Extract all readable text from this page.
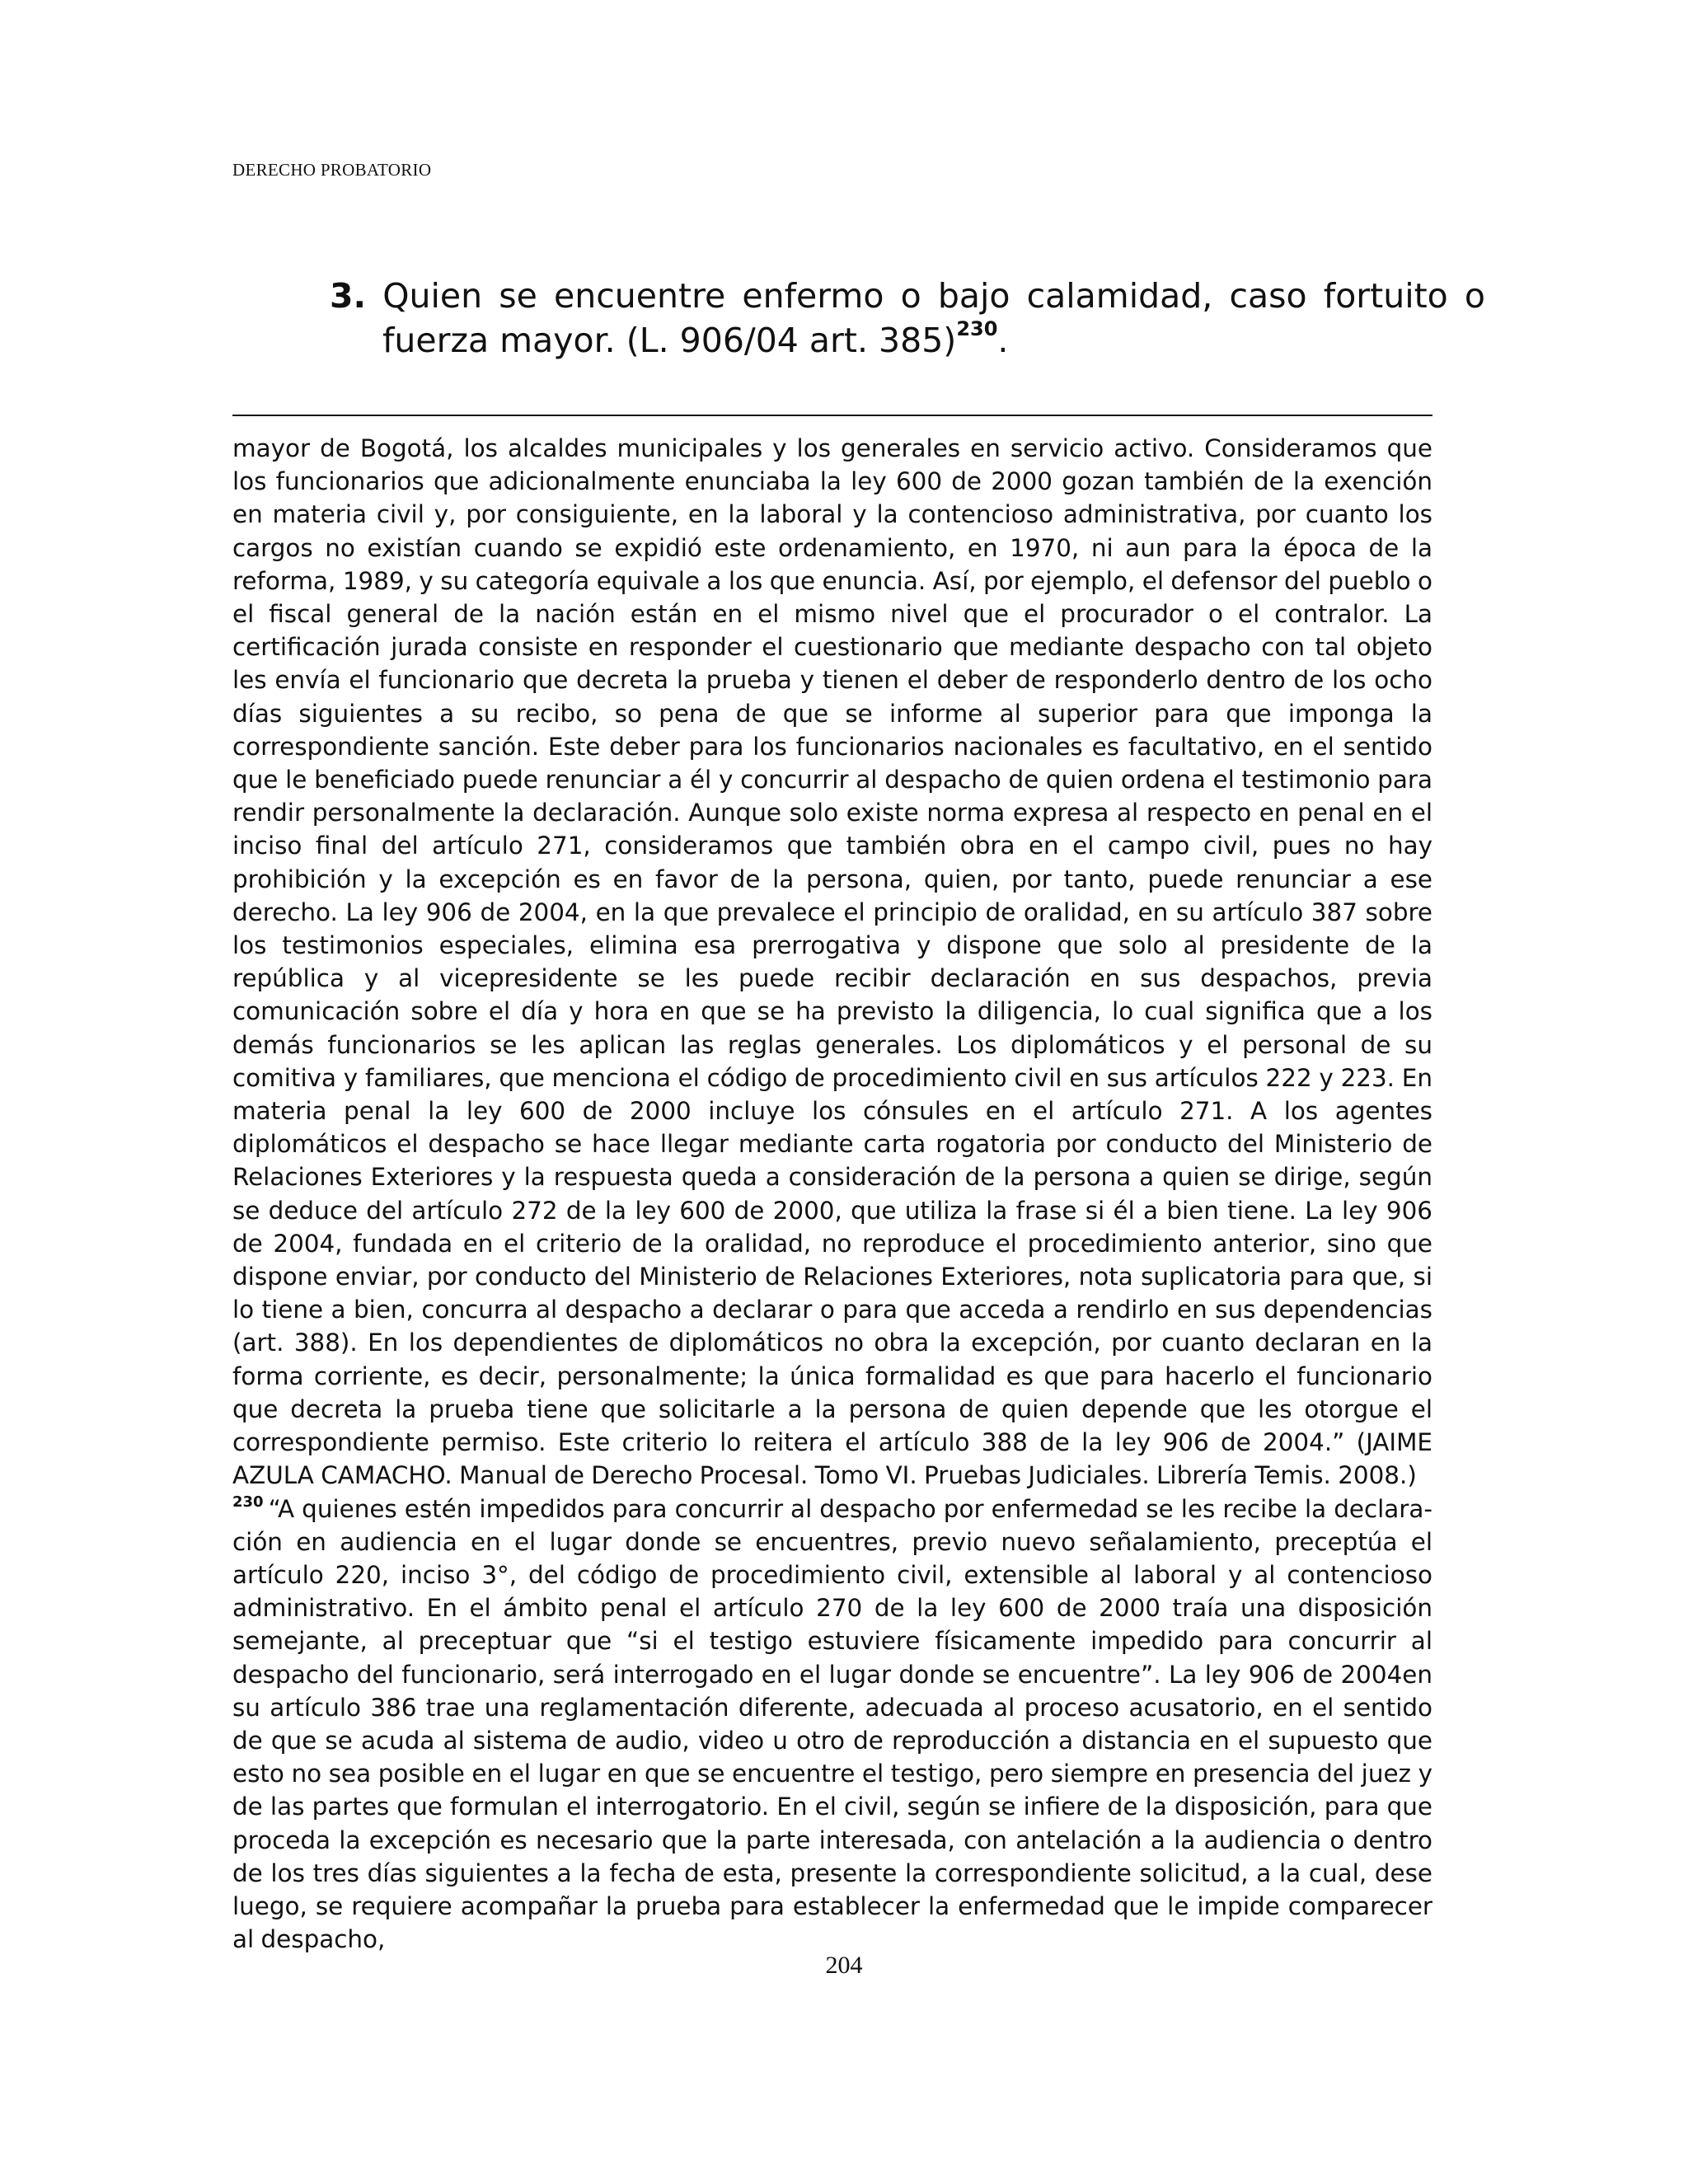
DERECHO PROBATORIO
3. Quien se encuentre enfermo o bajo calamidad, caso fortuito o fuerza mayor. (L. 906/04 art. 385)$^{230}$.

mayor de Bogotá, los alcaldes municipales y los generales en servicio activo. Consideramos que los funcionarios que adicionalmente enunciaba la ley 600 de 2000 gozan también de la exención en materia civil y, por consiguiente, en la laboral y la contencioso administrativa, por cuanto los cargos no existían cuando se expidió este ordenamiento, en 1970, ni aun para la época de la reforma, 1989, y su categoría equivale a los que enuncia. Así, por ejemplo, el defensor del pueblo o el fiscal general de la nación están en el mismo nivel que el procurador o el contralor. La certificación jurada consiste en responder el cuestionario que mediante despacho con tal objeto les envía el funcionario que decreta la prueba y tienen el deber de responderlo dentro de los ocho días siguientes a su recibo, so pena de que se informe al superior para que imponga la correspondiente sanción. Este deber para los funcionarios nacionales es facultativo, en el sentido que le beneficiado puede renunciar a él y concurrir al despacho de quien ordena el testimonio para rendir personalmente la declaración. Aunque solo existe norma expresa al respecto en penal en el inciso final del artículo 271, consideramos que también obra en el campo civil, pues no hay prohibición y la excepción es en favor de la persona, quien, por tanto, puede renunciar a ese derecho. La ley 906 de 2004, en la que prevalece el principio de oralidad, en su artículo 387 sobre los testimonios especiales, elimina esa prerrogativa y dispone que solo al presidente de la república y al vicepresidente se les puede recibir declaración en sus despachos, previa comunicación sobre el día y hora en que se ha previsto la diligencia, lo cual significa que a los demás funcionarios se les aplican las reglas generales. Los diplomáticos y el personal de su comitiva y familiares, que menciona el código de procedimiento civil en sus artículos 222 y 223. En materia penal la ley 600 de 2000 incluye los cónsules en el artículo 271. A los agentes diplomáticos el despacho se hace llegar mediante carta rogatoria por conducto del Ministerio de Relaciones Exteriores y la respuesta queda a consideración de la persona a quien se dirige, según se deduce del artículo 272 de la ley 600 de 2000, que utiliza la frase si él a bien tiene. La ley 906 de 2004, fundada en el criterio de la oralidad, no reproduce el procedimiento anterior, sino que dispone enviar, por conducto del Ministerio de Relaciones Exteriores, nota suplicatoria para que, si lo tiene a bien, concurra al despacho a declarar o para que acceda a rendirlo en sus dependencias (art. 388). En los dependientes de diplomáticos no obra la excepción, por cuanto declaran en la forma corriente, es decir, personalmente; la única formalidad es que para hacerlo el funcionario que decreta la prueba tiene que solicitarle a la persona de quien depende que les otorgue el correspondiente permiso. Este criterio lo reitera el artículo 388 de la ley 906 de 2004.” (JAIME AZULA CAMACHO. Manual de Derecho Procesal. Tomo VI. Pruebas Judiciales. Librería Temis. 2008.)

$^{230}$ “A quienes estén impedidos para concurrir al despacho por enfermedad se les recibe la declaración en audiencia en el lugar donde se encuentres, previo nuevo señalamiento, preceptúa el artículo 220, inciso 3°, del código de procedimiento civil, extensible al laboral y al contencioso administrativo. En el ámbito penal el artículo 270 de la ley 600 de 2000 traía una disposición semejante, al preceptuar que “si el testigo estuviere físicamente impedido para concurrir al despacho del funcionario, será interrogado en el lugar donde se encuentre”. La ley 906 de 2004en su artículo 386 trae una reglamentación diferente, adecuada al proceso acusatorio, en el sentido de que se acuda al sistema de audio, video u otro de reproducción a distancia en el supuesto que esto no sea posible en el lugar en que se encuentre el testigo, pero siempre en presencia del juez y de las partes que formulan el interrogatorio. En el civil, según se infiere de la disposición, para que proceda la excepción es necesario que la parte interesada, con antelación a la audiencia o dentro de los tres días siguientes a la fecha de esta, presente la correspondiente solicitud, a la cual, dese luego, se requiere acompañar la prueba para establecer la enfermedad que le impide comparecer al despacho,

204
